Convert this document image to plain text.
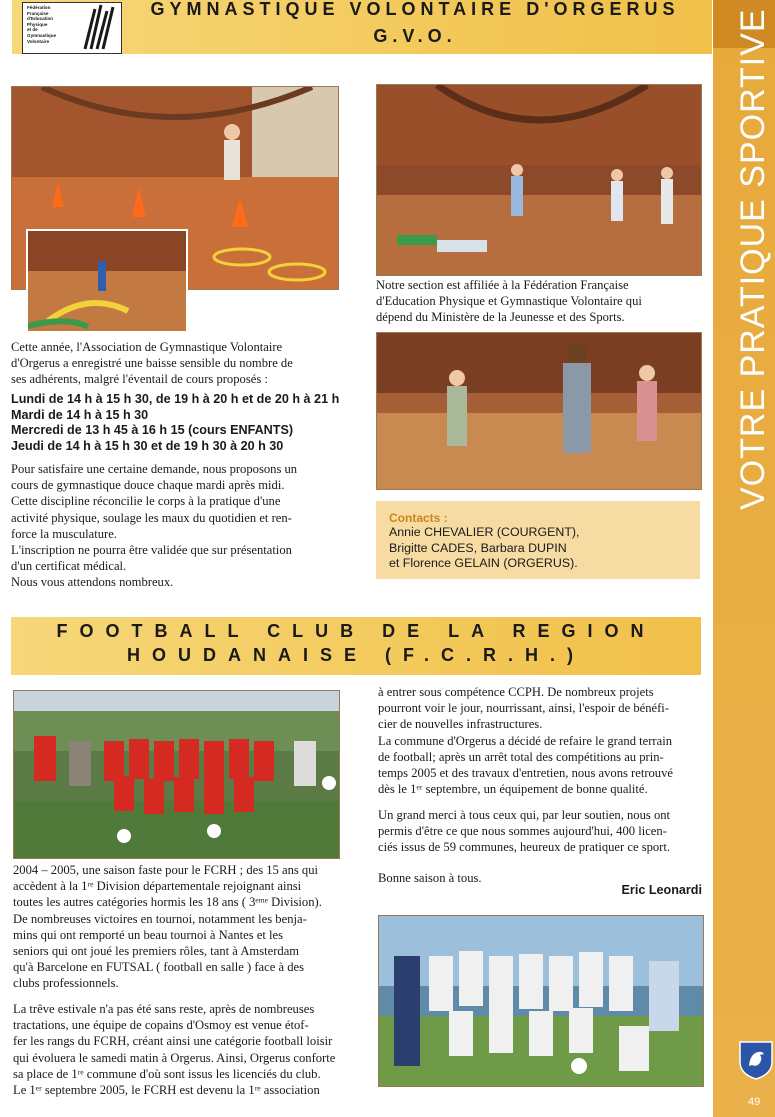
VOTRE PRATIQUE SPORTIVE
49
Fédération
Française
d'Education
Physique
et de
Gymnastique
Volontaire
GYMNASTIQUE VOLONTAIRE D'ORGERUS
G.V.O.

Cette année, l'Association de Gymnastique Volontaire

d'Orgerus a enregistré une baisse sensible du nombre de

ses adhérents, malgré l'éventail de cours proposés :

Lundi de 14 h à 15 h 30, de 19 h à 20 h et de 20 h à 21 h
Mardi de 14 h à 15 h 30
Mercredi de 13 h 45 à 16 h 15 (cours ENFANTS)
Jeudi de 14 h à 15 h 30 et de 19 h 30 à 20 h 30

Pour satisfaire une certaine demande, nous proposons un

cours de gymnastique douce chaque mardi après midi.

Cette discipline réconcilie le corps à la pratique d'une

activité physique, soulage les maux du quotidien et ren-

force la musculature.

L'inscription ne pourra être validée que sur présentation

d'un certificat médical.

Nous vous attendons nombreux.

Notre section est affiliée à la Fédération Française

d'Education Physique et Gymnastique Volontaire qui

dépend du Ministère de la Jeunesse et des Sports.

Contacts :
Annie CHEVALIER (COURGENT),
Brigitte CADES, Barbara DUPIN
et Florence GELAIN (ORGERUS).
FOOTBALL CLUB DE LA REGION
HOUDANAISE (F.C.R.H.)

2004 – 2005, une saison faste pour le FCRH ; des 15 ans qui

accèdent à la 1ʳᵉ Division départementale rejoignant ainsi

toutes les autres catégories hormis les 18 ans ( 3ᵉᵐᵉ Division).

De nombreuses victoires en tournoi, notamment les benja-

mins qui ont remporté un beau tournoi à Nantes et les

seniors qui ont joué les premiers rôles, tant à Amsterdam

qu'à Barcelone en FUTSAL ( football en salle ) face à des

clubs professionnels.

La trêve estivale n'a pas été sans reste, après de nombreuses

tractations, une équipe de copains d'Osmoy est venue étof-

fer les rangs du FCRH, créant ainsi une catégorie football loisir

qui évoluera le samedi matin à Orgerus. Ainsi, Orgerus conforte

sa place de 1ʳᵉ commune d'où sont issus les licenciés du club.

Le 1ᵉʳ septembre 2005, le FCRH est devenu la 1ʳᵉ association

à entrer sous compétence CCPH. De nombreux projets

pourront voir le jour, nourrissant, ainsi, l'espoir de bénéfi-

cier de nouvelles infrastructures.

La commune d'Orgerus a décidé de refaire le grand terrain

de football; après un arrêt total des compétitions au prin-

temps 2005 et des travaux d'entretien, nous avons retrouvé

dès le 1ᵉʳ septembre, un équipement de bonne qualité.

Un grand merci à tous ceux qui, par leur soutien, nous ont

permis d'être ce que nous sommes aujourd'hui, 400 licen-

ciés issus de 59 communes, heureux de pratiquer ce sport.

Bonne saison à tous.
Eric Leonardi
